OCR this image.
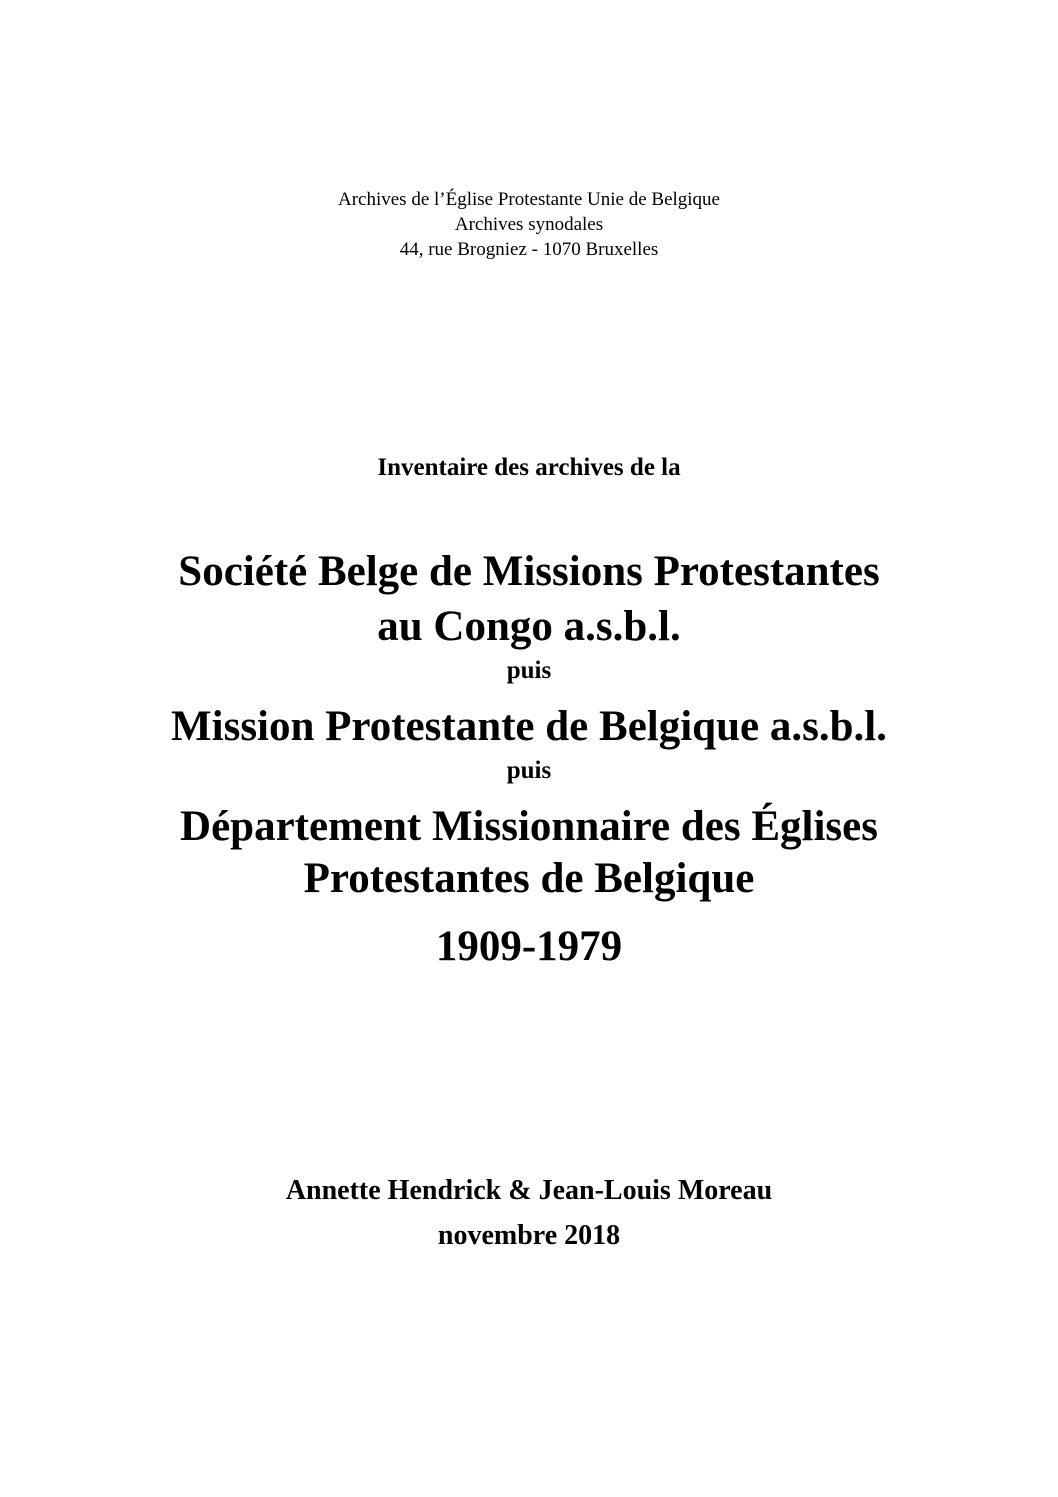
Archives de l’Église Protestante Unie de Belgique
Archives synodales
44, rue Brogniez - 1070 Bruxelles
Inventaire des archives de la
Société Belge de Missions Protestantes
au Congo a.s.b.l.
puis
Mission Protestante de Belgique a.s.b.l.
puis
Département Missionnaire des Églises
Protestantes de Belgique
1909-1979
Annette Hendrick & Jean-Louis Moreau
novembre 2018
